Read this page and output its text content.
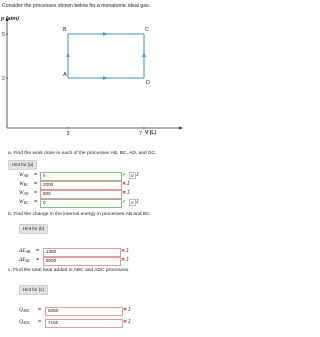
Consider the processes shown below for a monatomic ideal gas.
p (atm)
V (L)
5
2
3	7
B	C
A
D
a. Find the work done in each of the processes AB, BC, AD, and DC.
Hint for (a)
$W_{AB}$ =	0	✓	σ J
$W_{BC}$ =	2000	✕ J
$W_{AD}$ =	800	✕ J
$W_{DC}$ =	0	✓	σ J
b. Find the change in the internal energy in processes AB and BC.
Hint for (b)
$\Delta E_{AB}$ =	1350	✕ J
$\Delta E_{BC}$ =	5000	✕ J
c. Find the total heat added in ABC and ADC processes.
Hint for (c)
$Q_{ABC}$ =	8350	✕ J
$Q_{ADC}$ =	7150	✕ J
